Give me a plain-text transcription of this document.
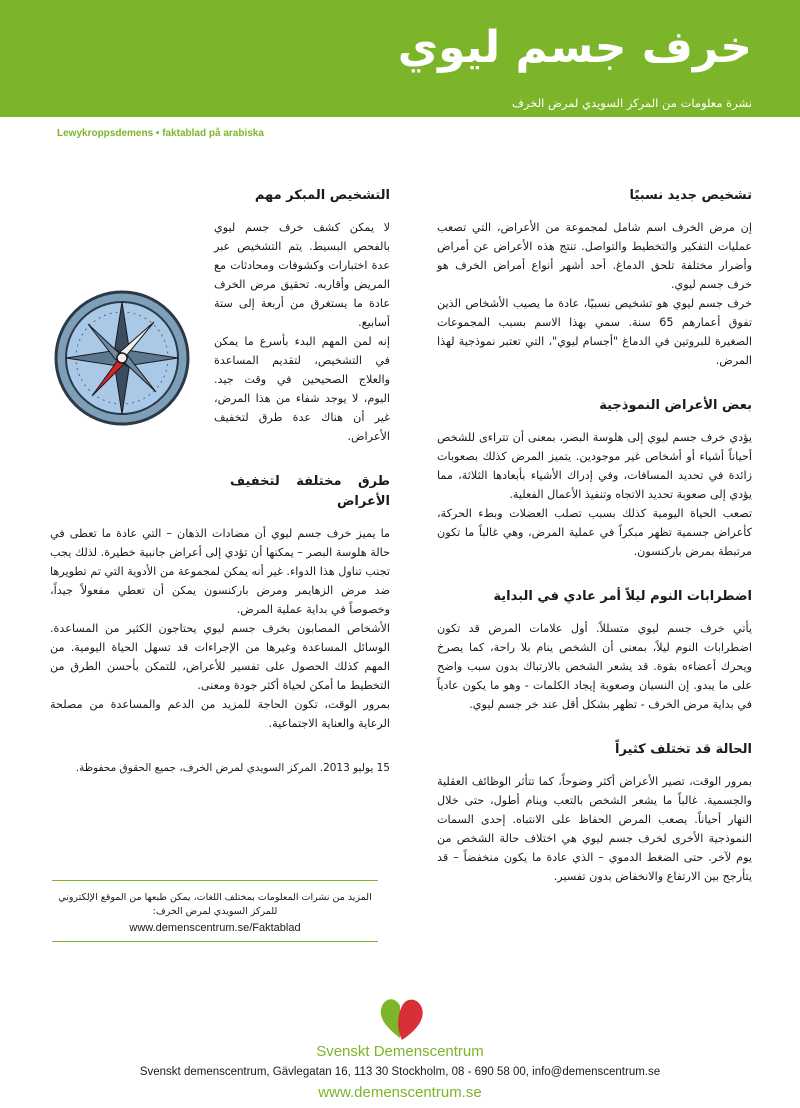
خرف جسم ليوي
نشرة معلومات من المركز السويدي لمرض الخرف
Lewykroppsdemens • faktablad på arabiska
تشخيص جديد نسبيًا

إن مرض الخرف اسم شامل لمجموعة من الأعراض، التي تصعب عمليات التفكير والتخطيط والتواصل. تنتج هذه الأعراض عن أمراض وأضرار مختلفة تلحق الدماغ. أحد أشهر أنواع أمراض الخرف هو خرف جسم ليوي.

خرف جسم ليوي هو تشخيص نسبيًا، عادة ما يصيب الأشخاص الذين تفوق أعمارهم 65 سنة. سمي بهذا الاسم بسبب المجموعات الصغيرة للبروتين في الدماغ "أجسام ليوي"، التي تعتبر نموذجية لهذا المرض.

بعض الأعراض النموذجية

يؤدي خرف جسم ليوي إلى هلوسة البصر، بمعنى أن تتراءى للشخص أحياناً أشياء أو أشخاص غير موجودين. يتميز المرض كذلك بصعوبات زائدة في تحديد المسافات، وفي إدراك الأشياء بأبعادها الثلاثة، مما يؤدي إلى صعوبة تحديد الاتجاه وتنفيذ الأعمال الفعلية.

تصعب الحياة اليومية كذلك بسبب تصلب العضلات وبطء الحركة، كأعراض جسمية تظهر مبكراً في عملية المرض، وهي غالباً ما تكون مرتبطة بمرض باركنسون.

اضطرابات النوم ليلاً أمر عادي في البداية

يأتي خرف جسم ليوي متسللاً. أول علامات المرض قد تكون اضطرابات النوم ليلاً، بمعنى أن الشخص ينام بلا راحة، كما يصرخ ويحرك أعضاءه بقوة. قد يشعر الشخص بالارتباك بدون سبب واضح على ما يبدو. إن النسيان وصعوبة إيجاد الكلمات - وهو ما يكون عادياً في بداية مرض الخرف - تظهر بشكل أقل عند خر جسم ليوي.

الحالة قد تختلف كثيراً

بمرور الوقت، تصير الأعراض أكثر وضوحاً، كما تتأثر الوظائف العقلية والجسمية. غالباً ما يشعر الشخص بالتعب وينام أطول، حتى خلال النهار أحياناً. يصعب المرض الحفاظ على الانتباه. إحدى السمات النموذجية الأخرى لخرف جسم ليوي هي اختلاف حالة الشخص من يوم لآخر. حتى الضغط الدموي – الذي عادة ما يكون منخفضاً – قد يتأرجح بين الارتفاع والانخفاض بدون تفسير.

التشخيص المبكر مهم

لا يمكن كشف خرف جسم ليوي بالفحص البسيط. يتم التشخيص عبر عدة اختبارات وكشوفات ومحادثات مع المريض وأقاربه. تحقيق مرض الخرف عادة ما يستغرق من أربعة إلى ستة أسابيع.

إنه لمن المهم البدء بأسرع ما يمكن في التشخيص، لتقديم المساعدة والعلاج الصحيحين في وقت جيد. اليوم، لا يوجد شفاء من هذا المرض، غير أن هناك عدة طرق لتخفيف الأعراض.

طرق مختلفة لتخفيف الأعراض

ما يميز خرف جسم ليوي أن مضادات الذهان – التي عادة ما تعطى في حالة هلوسة البصر – يمكنها أن تؤدي إلى أعراض جانبية خطيرة. لذلك يجب تجنب تناول هذا الدواء. غير أنه يمكن لمجموعة من الأدوية التي تم تطويرها ضد مرض الزهايمر ومرض باركنسون يمكن أن تعطي مفعولاً جيداً، وخصوصاً في بداية عملية المرض.

الأشخاص المصابون بخرف جسم ليوي يحتاجون الكثير من المساعدة. الوسائل المساعدة وغيرها من الإجراءات قد تسهل الحياة اليومية. من المهم كذلك الحصول على تفسير للأعراض، للتمكن بأحسن الطرق من التخطيط ما أمكن لحياة أكثر جودة ومعنى.

بمرور الوقت، تكون الحاجة للمزيد من الدعم والمساعدة من مصلحة الرعاية والعناية الاجتماعية.

15 يوليو 2013. المركز السويدي لمرض الخرف، جميع الحقوق محفوظة.

المزيد من نشرات المعلومات بمختلف اللغات، يمكن طبعها من الموقع الإلكتروني
للمركز السويدي لمرض الخرف:
www.demenscentrum.se/Faktablad
Svenskt Demenscentrum
Svenskt demenscentrum, Gävlegatan 16, 113 30 Stockholm, 08 - 690 58 00, info@demenscentrum.se
www.demenscentrum.se
